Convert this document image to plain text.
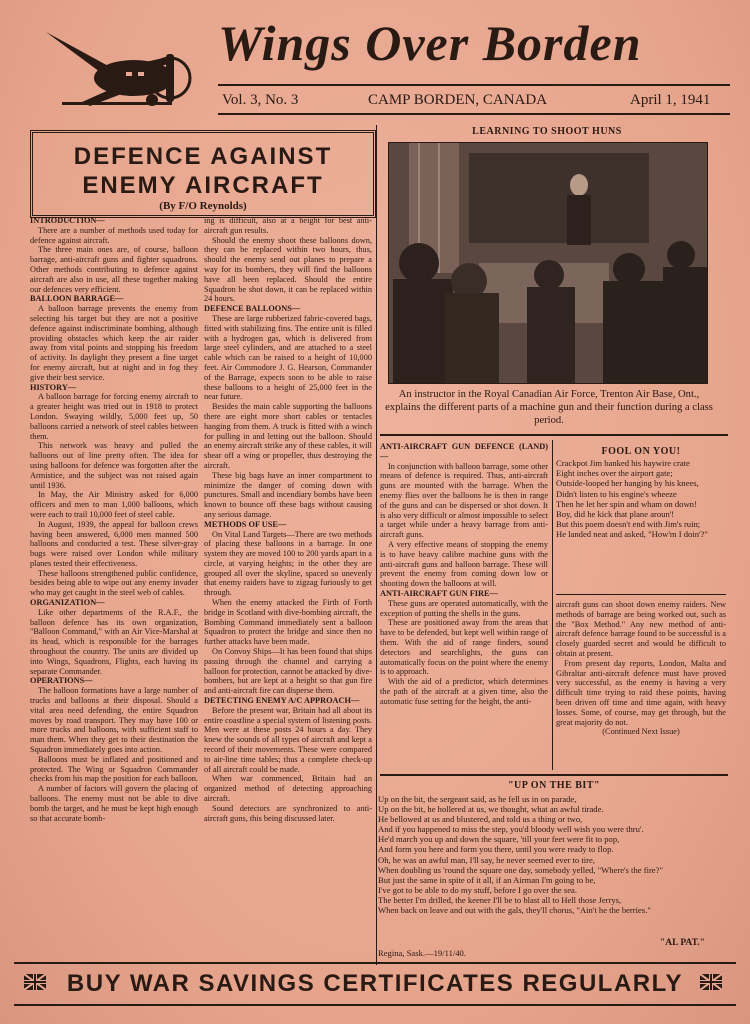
Wings Over Borden
Vol. 3, No. 3	CAMP BORDEN, CANADA	April 1, 1941
DEFENCE AGAINST
ENEMY AIRCRAFT
(By F/O Reynolds)

INTRODUCTION—

There are a number of methods used today for defence against aircraft.

The three main ones are, of course, balloon barrage, anti-aircraft guns and fighter squadrons. Other methods contributing to defence against aircraft are also in use, all these together making our defences very efficient.

BALLOON BARRAGE—

A balloon barrage prevents the enemy from selecting his target but they are not a positive defence against indiscriminate bombing, although providing obstacles which keep the air raider away from vital points and stopping his freedom of activity. In daylight they present a fine target for enemy aircraft, but at night and in fog they give their best service.

HISTORY—

A balloon barrage for forcing enemy aircraft to a greater height was tried out in 1918 to protect London. Swaying wildly, 5,000 feet up, 50 balloons carried a network of steel cables between them.

This network was heavy and pulled the balloons out of line pretty often. The idea for using balloons for defence was forgotten after the Armistice, and the subject was not raised again until 1936.

In May, the Air Ministry asked for 6,000 officers and men to man 1,000 balloons, which were each to trail 10,000 feet of steel cable.

In August, 1939, the appeal for balloon crews having been answered, 6,000 men manned 500 balloons and conducted a test. These silver-gray bugs were raised over London while military planes tested their effectiveness.

These balloons strengthened public confidence, besides being able to wipe out any enemy invader who may get caught in the steel web of cables.

ORGANIZATION—

Like other departments of the R.A.F., the balloon defence has its own organization, "Balloon Command," with an Air Vice-Marshal at its head, which is responsible for the barrages throughout the country. The units are divided up into Wings, Squadrons, Flights, each having its separate Commander.

OPERATIONS—

The balloon formations have a large number of trucks and balloons at their disposal. Should a vital area need defending, the entire Squadron moves by road transport. They may have 100 or more trucks and balloons, with sufficient staff to man them. When they get to their destination the Squadron immediately goes into action.

Balloons must be inflated and positioned and protected. The Wing or Squadron Commander checks from his map the position for each balloon.

A number of factors will govern the placing of balloons. The enemy must not be able to dive bomb the target, and he must be kept high enough so that accurate bomb-

ing is difficult, also at a height for best anti-aircraft gun results.

Should the enemy shoot these balloons down, they can be replaced within two hours, thus, should the enemy send out planes to prepare a way for its bombers, they will find the balloons have all been replaced. Should the entire Squadron be shot down, it can be replaced within 24 hours.

DEFENCE BALLOONS—

These are large rubberized fabric-covered bags, fitted with stabilizing fins. The entire unit is filled with a hydrogen gas, which is delivered from large steel cylinders, and are attached to a steel cable which can be raised to a height of 10,000 feet. Air Commodore J. G. Hearson, Commander of the Barrage, expects soon to be able to raise these balloons to a height of 25,000 feet in the near future.

Besides the main cable supporting the balloons there are eight more short cables or tentacles hanging from them. A truck is fitted with a winch for pulling in and letting out the balloon. Should an enemy aircraft strike any of these cables, it will shear off a wing or propeller, thus destroying the aircraft.

These big bags have an inner compartment to minimize the danger of coming down with punctures. Small and incendiary bombs have been known to bounce off these bags without causing any serious damage.

METHODS OF USE—

On Vital Land Targets—There are two methods of placing these balloons in a barrage. In one system they are moved 100 to 200 yards apart in a circle, at varying heights; in the other they are grouped all over the skyline, spaced so unevenly that enemy raiders have to zigzag furiously to get through.

When the enemy attacked the Firth of Forth bridge in Scotland with dive-bombing aircraft, the Bombing Command immediately sent a balloon Squadron to protect the bridge and since then no further attacks have been made.

On Convoy Ships—It has been found that ships passing through the channel and carrying a balloon for protection, cannot be attacked by dive-bombers, but are kept at a height so that gun fire and anti-aircraft fire can disperse them.

DETECTING ENEMY A/C APPROACH—

Before the present war, Britain had all about its entire coastline a special system of listening posts. Men were at these posts 24 hours a day. They knew the sounds of all types of aircraft and kept a record of their movements. These were compared to air-line time tables; thus a complete check-up of all aircraft could be made.

When war commenced, Britain had an organized method of detecting approaching aircraft.

Sound detectors are synchronized to anti-aircraft guns, this being discussed later.

LEARNING TO SHOOT HUNS
An instructor in the Royal Canadian Air Force, Trenton Air Base, Ont., explains the different parts of a machine gun and their function during a class period.

ANTI-AIRCRAFT GUN DEFENCE (LAND)—

In conjunction with balloon barrage, some other means of defence is required. Thus, anti-aircraft guns are mounted with the barrage. When the enemy flies over the balloons he is then in range of the guns and can be dispersed or shot down. It is also very difficult or almost impossible to select a target while under a heavy barrage from anti-aircraft guns.

A very effective means of stopping the enemy is to have heavy calibre machine guns with the anti-aircraft guns and balloon barrage. These will prevent the enemy from coming down low or shooting down the balloons at will.

ANTI-AIRCRAFT GUN FIRE—

These guns are operated automatically, with the exception of putting the shells in the guns.

These are positioned away from the areas that have to be defended, but kept well within range of them. With the aid of range finders, sound detectors and searchlights, the guns can automatically focus on the point where the enemy is to approach.

With the aid of a predictor, which determines the path of the aircraft at a given time, also the automatic fuse setting for the height, the anti-

FOOL ON YOU!

Crackpot Jim banked his haywire crate

Eight inches over the airport gate;

Outside-looped her hanging by his knees,

Didn't listen to his engine's wheeze

Then he let her spin and wham on down!

Boy, did he kick that plane aroun'!

But this poem doesn't end with Jim's ruin;

He landed neat and asked, "How'm I doin'?"

aircraft guns can shoot down enemy raiders. New methods of barrage are being worked out, such as the "Box Method." Any new method of anti-aircraft defence barrage found to be successful is a closely guarded secret and would be difficult to obtain at present.

From present day reports, London, Malta and Gibraltar anti-aircraft defence must have proved very successful, as the enemy is having a very difficult time trying to raid these points, having been driven off time and time again, with heavy losses. Some, of course, may get through, but the great majority do not.

(Continued Next Issue)

"UP ON THE BIT"

Up on the bit, the sergeant said, as he fell us in on parade,

Up on the bit, he hollered at us, we thought, what an awful tirade.

He bellowed at us and blustered, and told us a thing or two,

And if you happened to miss the step, you'd bloody well wish you were thru'.

He'd march you up and down the square, 'till your feet were fit to pop,

And form you here and form you there, until you were ready to flop.

Oh, he was an awful man, I'll say, he never seemed ever to tire,

When doubling us 'round the square one day, somebody yelled, "Where's the fire?"

But just the same in spite of it all, if an Airman I'm going to be,

I've got to be able to do my stuff, before I go over the sea.

The better I'm drilled, the keener I'll be to blast all to Hell those Jerrys,

When back on leave and out with the gals, they'll chorus, "Ain't he the berries."

"AL PAT."
Regina, Sask.—19/11/40.
BUY WAR SAVINGS CERTIFICATES REGULARLY
